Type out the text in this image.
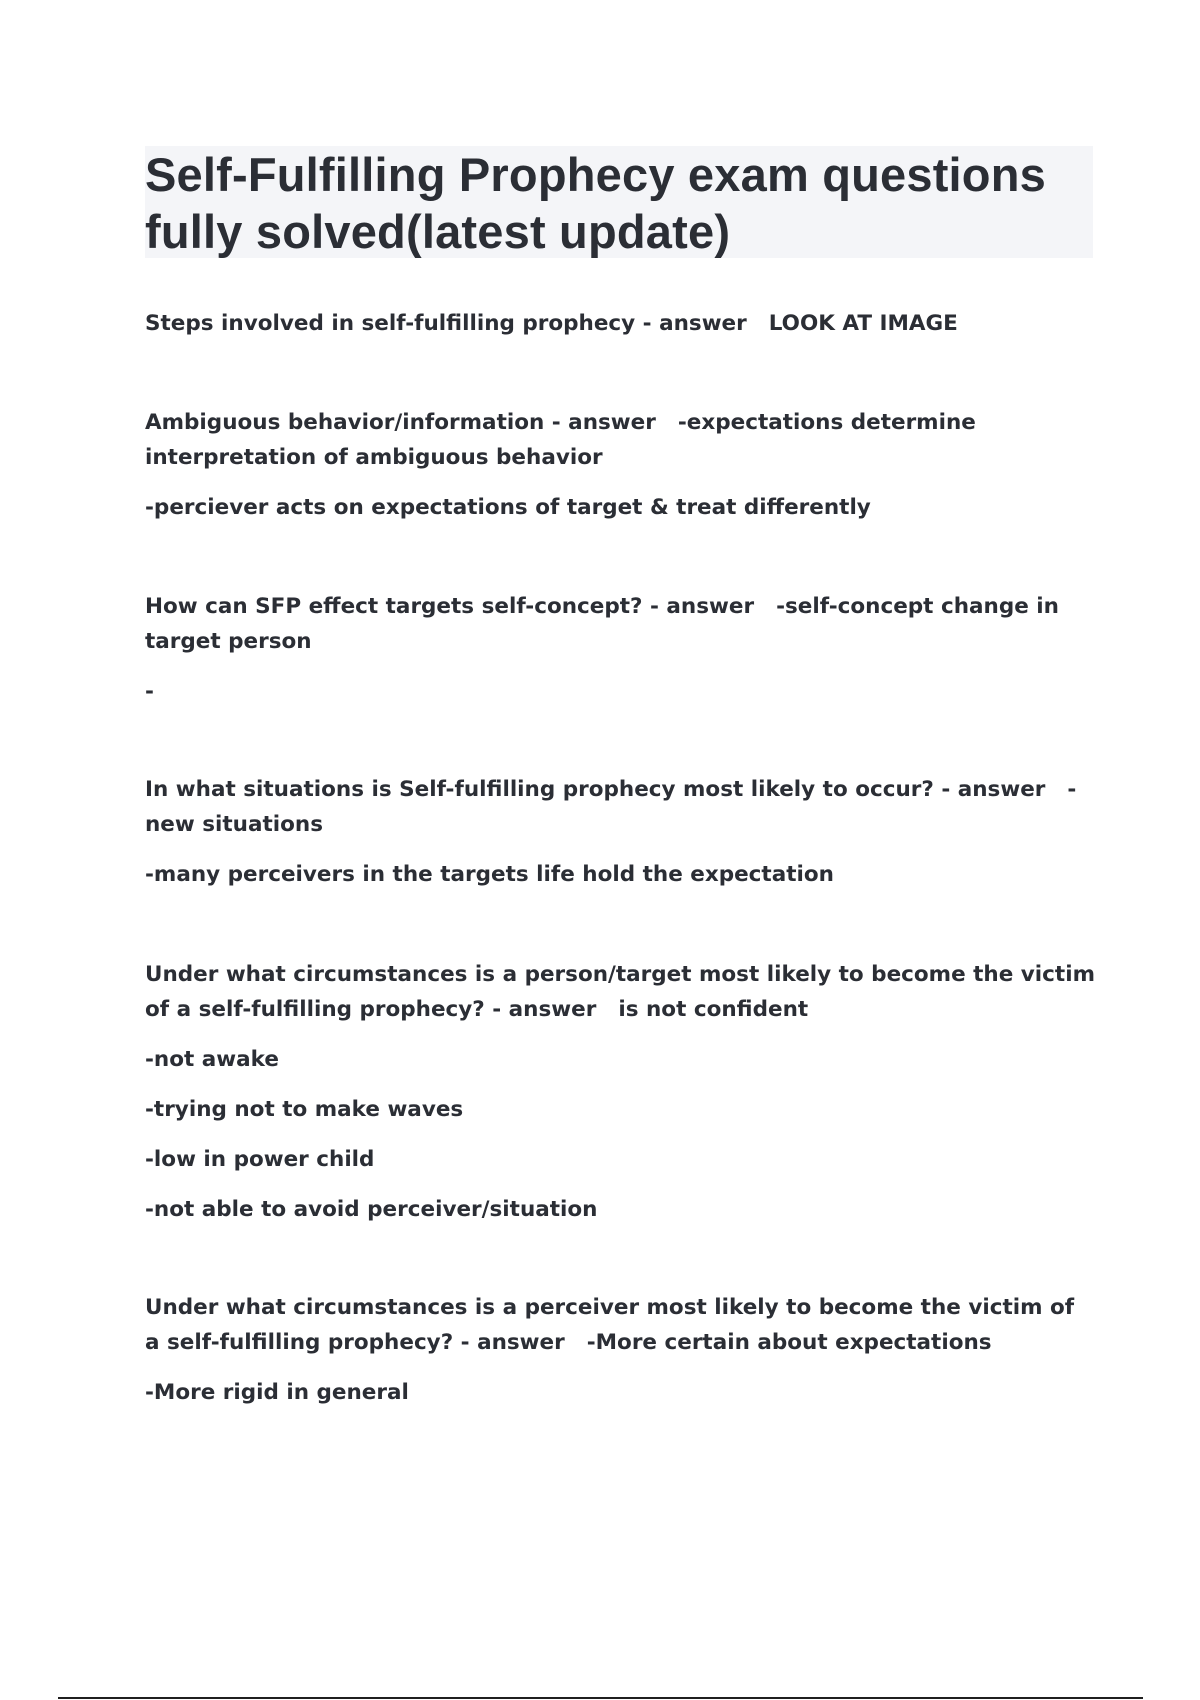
Self-Fulfilling Prophecy exam questions fully solved(latest update)

Steps involved in self-fulfilling prophecy - answer LOOK AT IMAGE

Ambiguous behavior/information - answer -expectations determine interpretation of ambiguous behavior

-perciever acts on expectations of target & treat differently

How can SFP effect targets self-concept? - answer -self-concept change in target person

-

In what situations is Self-fulfilling prophecy most likely to occur? - answer -new situations

-many perceivers in the targets life hold the expectation

Under what circumstances is a person/target most likely to become the victim of a self-fulfilling prophecy? - answer is not confident

-not awake

-trying not to make waves

-low in power child

-not able to avoid perceiver/situation

Under what circumstances is a perceiver most likely to become the victim of a self-fulfilling prophecy? - answer -More certain about expectations

-More rigid in general
